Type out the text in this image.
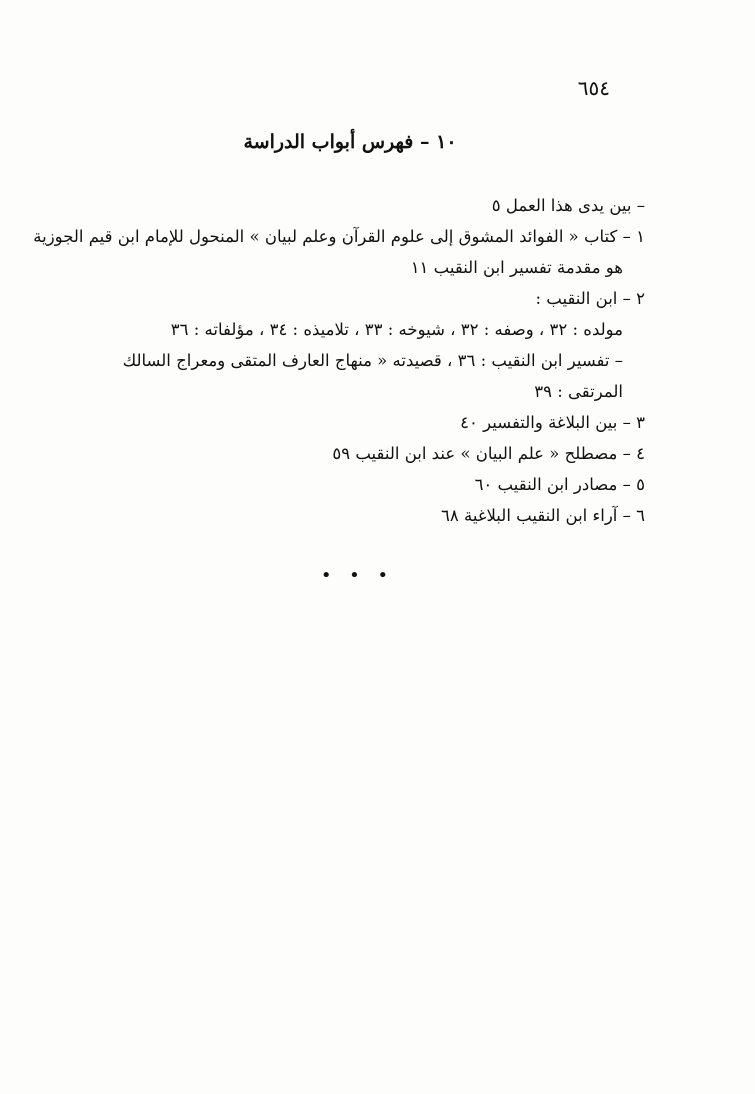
٦٥٤
١٠ – فهرس أبواب الدراسة
– بين يدى هذا العمل ٥
١ – كتاب « الفوائد المشوق إلى علوم القرآن وعلم لبيان » المنحول للإمام ابن قيم الجوزية
هو مقدمة تفسير ابن النقيب ١١
٢ – ابن النقيب :
مولده : ٣٢ ، وصفه : ٣٢ ، شيوخه : ٣٣ ، تلاميذه : ٣٤ ، مؤلفاته : ٣٦
– تفسير ابن النقيب : ٣٦ ، قصيدته « منهاج العارف المتقى ومعراج السالك
المرتقى : ٣٩
٣ – بين البلاغة والتفسير ٤٠
٤ – مصطلح « علم البيان » عند ابن النقيب ٥٩
٥ – مصادر ابن النقيب ٦٠
٦ – آراء ابن النقيب البلاغية ٦٨
• • •
